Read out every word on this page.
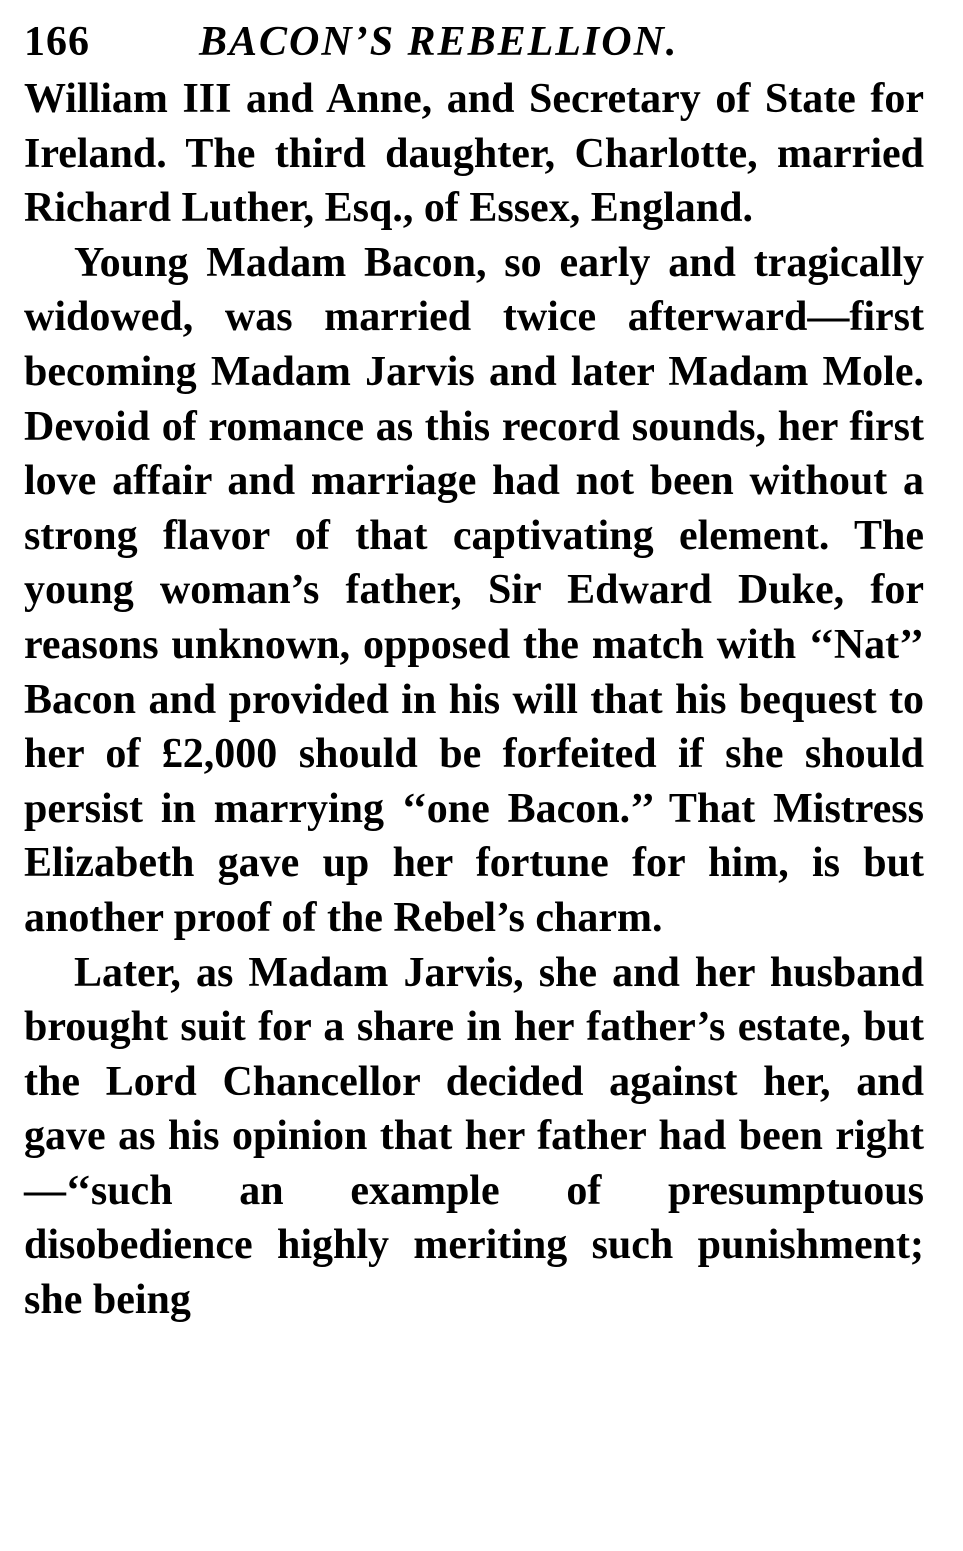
166	BACON’S REBELLION.

William III and Anne, and Secretary of State for Ireland. The third daughter, Charlotte, married Richard Luther, Esq., of Essex, England.

Young Madam Bacon, so early and tragically widowed, was married twice afterward—first becoming Madam Jarvis and later Madam Mole. Devoid of romance as this record sounds, her first love affair and marriage had not been without a strong flavor of that captivating element. The young woman’s father, Sir Edward Duke, for reasons unknown, opposed the match with ‘‘Nat’’ Bacon and provided in his will that his bequest to her of £2,000 should be forfeited if she should persist in marrying ‘‘one Bacon.’’ That Mistress Elizabeth gave up her fortune for him, is but another proof of the Rebel’s charm.

Later, as Madam Jarvis, she and her husband brought suit for a share in her father’s estate, but the Lord Chancellor decided against her, and gave as his opinion that her father had been right—‘‘such an example of presumptuous disobedience highly meriting such punishment; she being
